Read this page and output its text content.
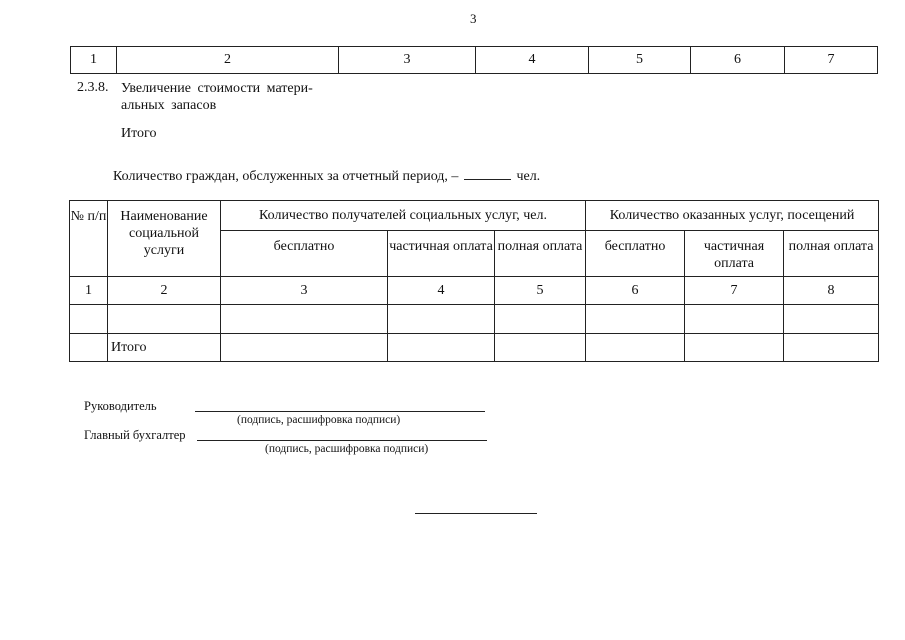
3
1	2	3	4	5	6	7
2.3.8. Увеличение стоимости матери-
альных запасов
Итого
Количество граждан, обслуженных за отчетный период, –	чел.
№ п/п	Наименование социальной услуги	Количество получателей социальных услуг, чел.			Количество оказанных услуг, посещений		
		бесплатно	частичная оплата	полная оплата	бесплатно	частичная оплата	полная оплата
1	2	3	4	5	6	7	8

	Итого						
Руководитель
(подпись, расшифровка подписи)
Главный бухгалтер
(подпись, расшифровка подписи)
